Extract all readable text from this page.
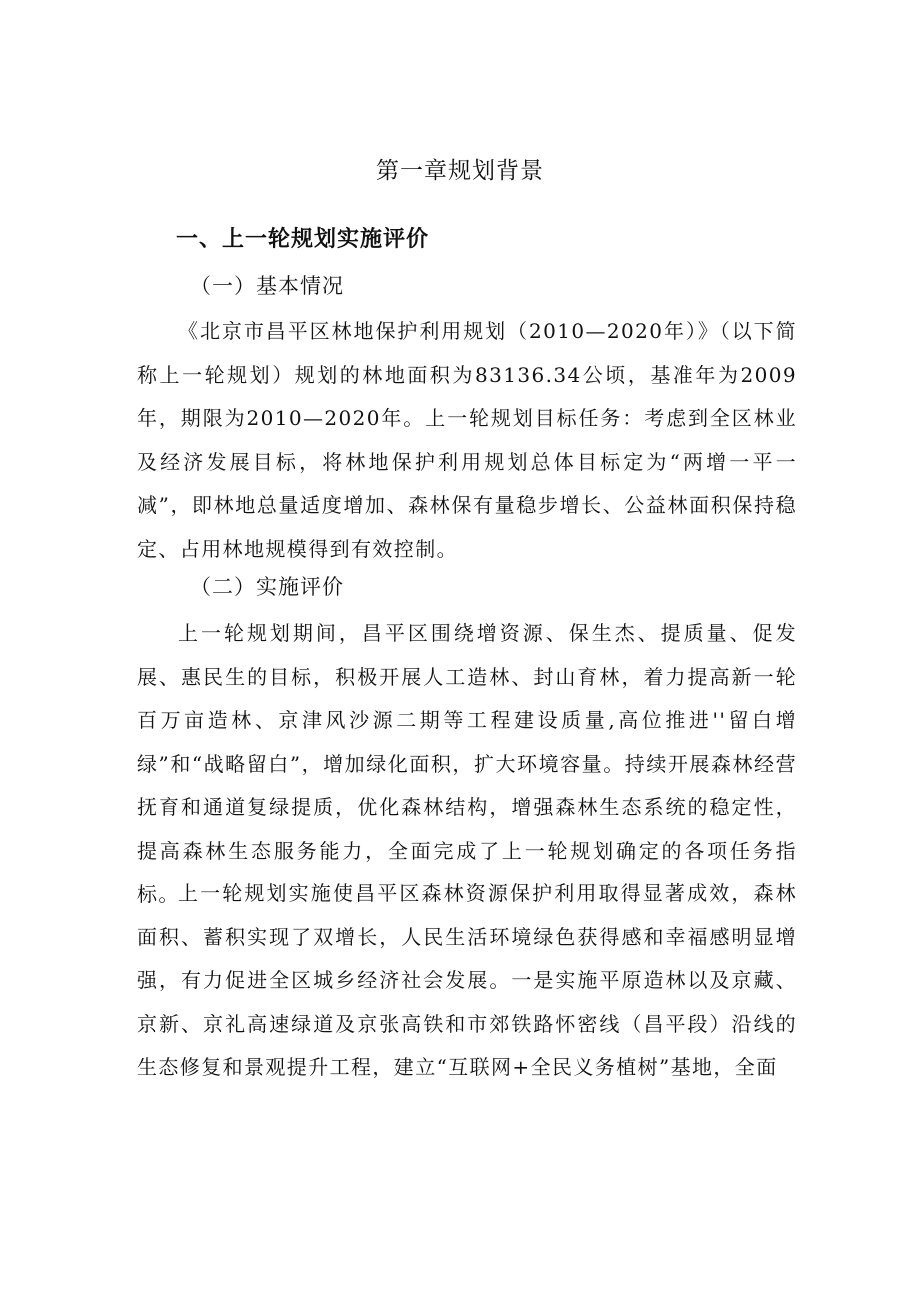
第一章规划背景
一、上一轮规划实施评价
（一）基本情况

《北京市昌平区林地保护利用规划（2010—2020年）》（以下简称上一轮规划）规划的林地面积为83136.34公顷，基准年为2009年，期限为2010—2020年。上一轮规划目标任务：考虑到全区林业及经济发展目标，将林地保护利用规划总体目标定为“两增一平一减”，即林地总量适度增加、森林保有量稳步增长、公益林面积保持稳定、占用林地规模得到有效控制。

（二）实施评价

上一轮规划期间，昌平区围绕增资源、保生杰、提质量、促发展、惠民生的目标，积极开展人工造林、封山育林，着力提高新一轮百万亩造林、京津风沙源二期等工程建设质量,高位推进''留白增绿”和“战略留白”，增加绿化面积，扩大环境容量。持续开展森林经营抚育和通道复绿提质，优化森林结构，增强森林生态系统的稳定性，提高森林生态服务能力，全面完成了上一轮规划确定的各项任务指标。

上一轮规划实施使昌平区森林资源保护利用取得显著成效，森林面积、蓄积实现了双增长，人民生活环境绿色获得感和幸福感明显增强，有力促进全区城乡经济社会发展。一是实施平原造林以及京藏、京新、京礼高速绿道及京张高铁和市郊铁路怀密线（昌平段）沿线的生态修复和景观提升工程，建立“互联网+全民义务植树”基地，全面
